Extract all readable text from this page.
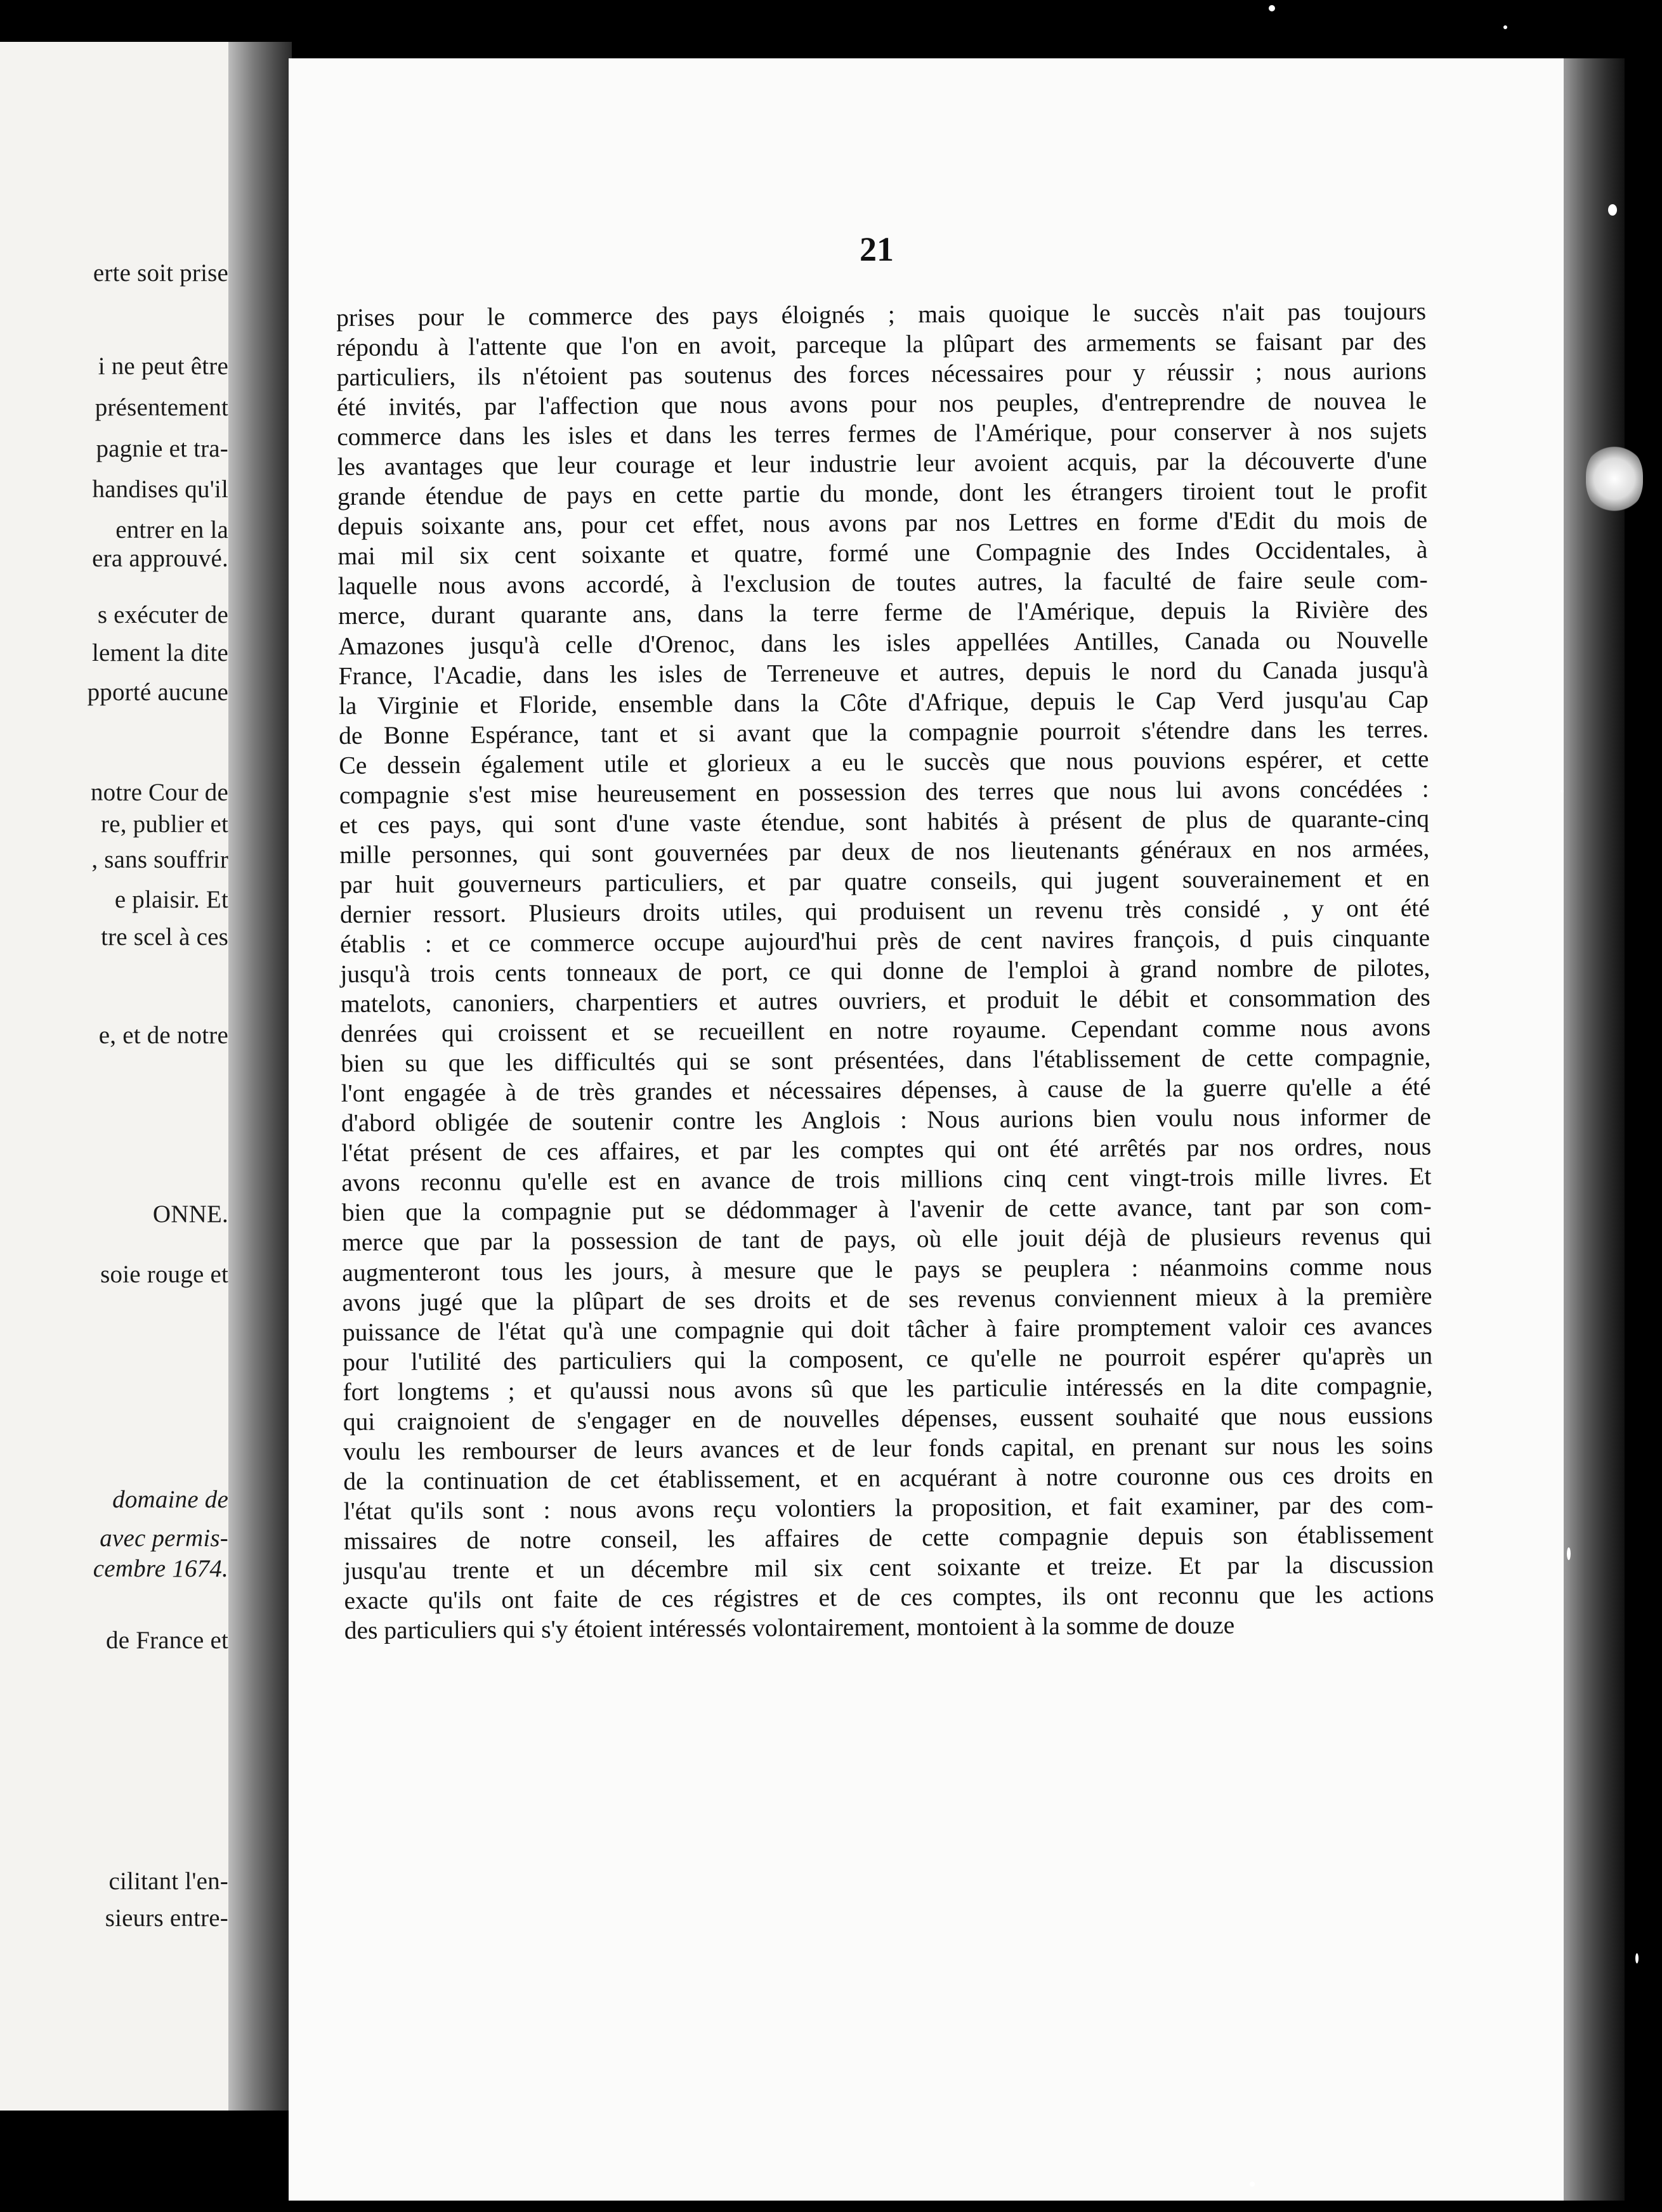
21
erte soit prise
i ne peut être
présentement
pagnie et tra-
handises qu'il
entrer en la
era approuvé.
s exécuter de
lement la dite
pporté aucune
notre Cour de
re, publier et
, sans souffrir
e plaisir. Et
tre scel à ces
e, et de notre
ONNE.
soie rouge et
domaine de
avec permis-
cembre 1674.
de France et
cilitant l'en-
sieurs entre-
prises pour le commerce des pays éloignés ; mais quoique le succès n'ait pas toujours
répondu à l'attente que l'on en avoit, parceque la plûpart des armements se faisant par des
particuliers, ils n'étoient pas soutenus des forces nécessaires pour y réussir ; nous aurions
été invités, par l'affection que nous avons pour nos peuples, d'entreprendre de nouvea le
commerce dans les isles et dans les terres fermes de l'Amérique, pour conserver à nos sujets
les avantages que leur courage et leur industrie leur avoient acquis, par la découverte d'une
grande étendue de pays en cette partie du monde, dont les étrangers tiroient tout le profit
depuis soixante ans, pour cet effet, nous avons par nos Lettres en forme d'Edit du mois de
mai mil six cent soixante et quatre, formé une Compagnie des Indes Occidentales, à
laquelle nous avons accordé, à l'exclusion de toutes autres, la faculté de faire seule com-
merce, durant quarante ans, dans la terre ferme de l'Amérique, depuis la Rivière des
Amazones jusqu'à celle d'Orenoc, dans les isles appellées Antilles, Canada ou Nouvelle
France, l'Acadie, dans les isles de Terreneuve et autres, depuis le nord du Canada jusqu'à
la Virginie et Floride, ensemble dans la Côte d'Afrique, depuis le Cap Verd jusqu'au Cap
de Bonne Espérance, tant et si avant que la compagnie pourroit s'étendre dans les terres.
Ce dessein également utile et glorieux a eu le succès que nous pouvions espérer, et cette
compagnie s'est mise heureusement en possession des terres que nous lui avons concédées :
et ces pays, qui sont d'une vaste étendue, sont habités à présent de plus de quarante-cinq
mille personnes, qui sont gouvernées par deux de nos lieutenants généraux en nos armées,
par huit gouverneurs particuliers, et par quatre conseils, qui jugent souverainement et en
dernier ressort. Plusieurs droits utiles, qui produisent un revenu très considé , y ont été
établis : et ce commerce occupe aujourd'hui près de cent navires françois, d puis cinquante
jusqu'à trois cents tonneaux de port, ce qui donne de l'emploi à grand nombre de pilotes,
matelots, canoniers, charpentiers et autres ouvriers, et produit le débit et consommation des
denrées qui croissent et se recueillent en notre royaume. Cependant comme nous avons
bien su que les difficultés qui se sont présentées, dans l'établissement de cette compagnie,
l'ont engagée à de très grandes et nécessaires dépenses, à cause de la guerre qu'elle a été
d'abord obligée de soutenir contre les Anglois : Nous aurions bien voulu nous informer de
l'état présent de ces affaires, et par les comptes qui ont été arrêtés par nos ordres, nous
avons reconnu qu'elle est en avance de trois millions cinq cent vingt-trois mille livres. Et
bien que la compagnie put se dédommager à l'avenir de cette avance, tant par son com-
merce que par la possession de tant de pays, où elle jouit déjà de plusieurs revenus qui
augmenteront tous les jours, à mesure que le pays se peuplera : néanmoins comme nous
avons jugé que la plûpart de ses droits et de ses revenus conviennent mieux à la première
puissance de l'état qu'à une compagnie qui doit tâcher à faire promptement valoir ces avances
pour l'utilité des particuliers qui la composent, ce qu'elle ne pourroit espérer qu'après un
fort longtems ; et qu'aussi nous avons sû que les particulie intéressés en la dite compagnie,
qui craignoient de s'engager en de nouvelles dépenses, eussent souhaité que nous eussions
voulu les rembourser de leurs avances et de leur fonds capital, en prenant sur nous les soins
de la continuation de cet établissement, et en acquérant à notre couronne ous ces droits en
l'état qu'ils sont : nous avons reçu volontiers la proposition, et fait examiner, par des com-
missaires de notre conseil, les affaires de cette compagnie depuis son établissement
jusqu'au trente et un décembre mil six cent soixante et treize. Et par la discussion
exacte qu'ils ont faite de ces régistres et de ces comptes, ils ont reconnu que les actions
des particuliers qui s'y étoient intéressés volontairement, montoient à la somme de douze
